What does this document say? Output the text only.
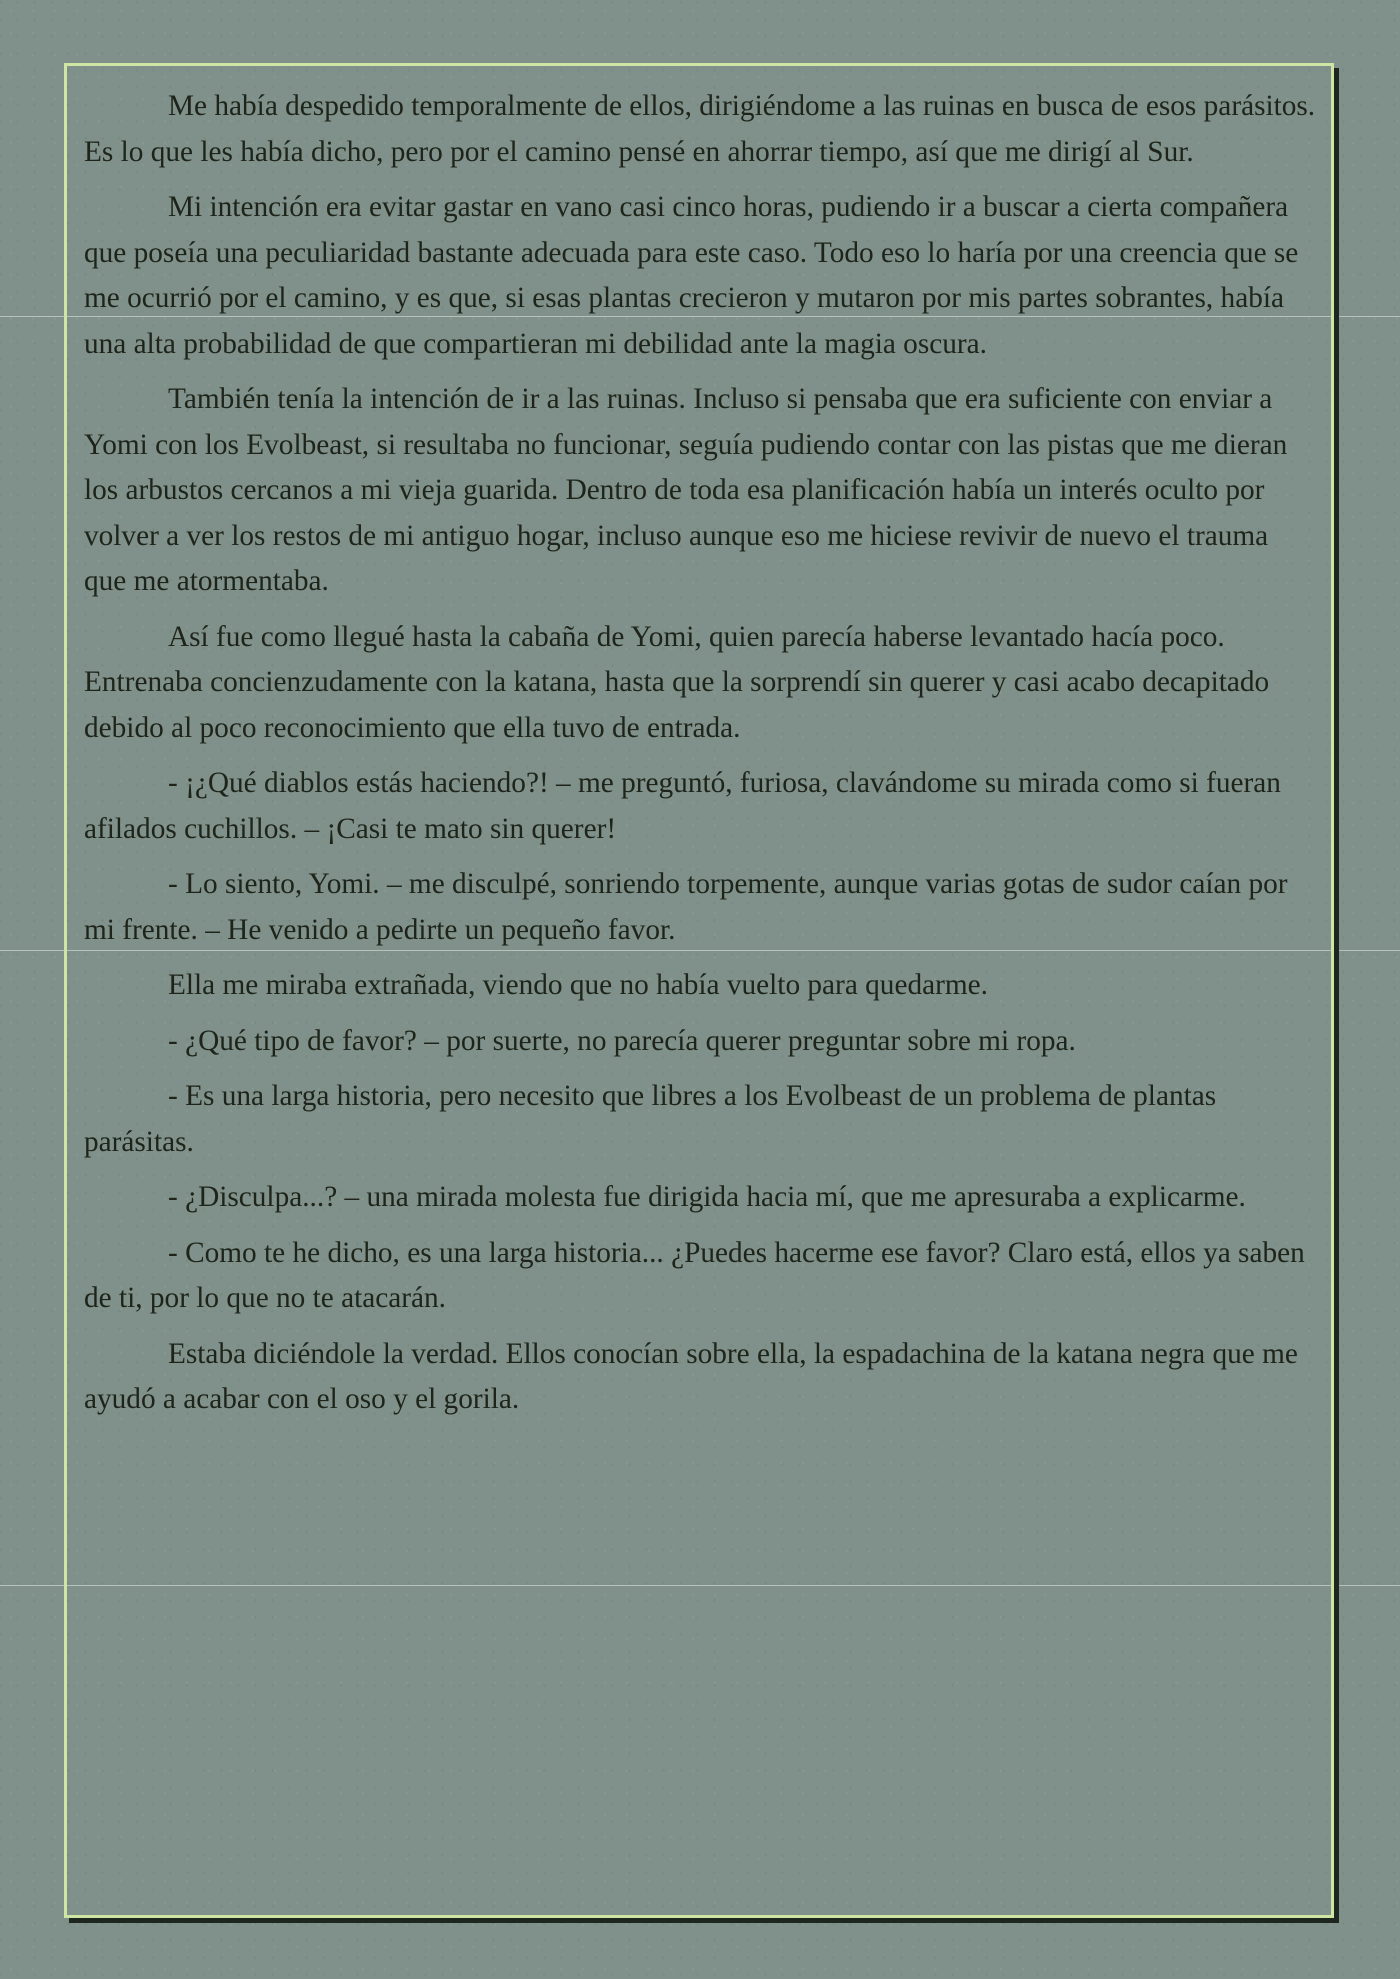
Me había despedido temporalmente de ellos, dirigiéndome a las ruinas en busca de esos parásitos. Es lo que les había dicho, pero por el camino pensé en ahorrar tiempo, así que me dirigí al Sur.

Mi intención era evitar gastar en vano casi cinco horas, pudiendo ir a buscar a cierta compañera que poseía una peculiaridad bastante adecuada para este caso. Todo eso lo haría por una creencia que se me ocurrió por el camino, y es que, si esas plantas crecieron y mutaron por mis partes sobrantes, había una alta probabilidad de que compartieran mi debilidad ante la magia oscura.

También tenía la intención de ir a las ruinas. Incluso si pensaba que era suficiente con enviar a Yomi con los Evolbeast, si resultaba no funcionar, seguía pudiendo contar con las pistas que me dieran los arbustos cercanos a mi vieja guarida. Dentro de toda esa planificación había un interés oculto por volver a ver los restos de mi antiguo hogar, incluso aunque eso me hiciese revivir de nuevo el trauma que me atormentaba.

Así fue como llegué hasta la cabaña de Yomi, quien parecía haberse levantado hacía poco. Entrenaba concienzudamente con la katana, hasta que la sorprendí sin querer y casi acabo decapitado debido al poco reconocimiento que ella tuvo de entrada.

- ¡¿Qué diablos estás haciendo?! – me preguntó, furiosa, clavándome su mirada como si fueran afilados cuchillos. – ¡Casi te mato sin querer!

- Lo siento, Yomi. – me disculpé, sonriendo torpemente, aunque varias gotas de sudor caían por mi frente. – He venido a pedirte un pequeño favor.

Ella me miraba extrañada, viendo que no había vuelto para quedarme.

- ¿Qué tipo de favor? – por suerte, no parecía querer preguntar sobre mi ropa.

- Es una larga historia, pero necesito que libres a los Evolbeast de un problema de plantas parásitas.

- ¿Disculpa...? – una mirada molesta fue dirigida hacia mí, que me apresuraba a explicarme.

- Como te he dicho, es una larga historia... ¿Puedes hacerme ese favor? Claro está, ellos ya saben de ti, por lo que no te atacarán.

Estaba diciéndole la verdad. Ellos conocían sobre ella, la espadachina de la katana negra que me ayudó a acabar con el oso y el gorila.
